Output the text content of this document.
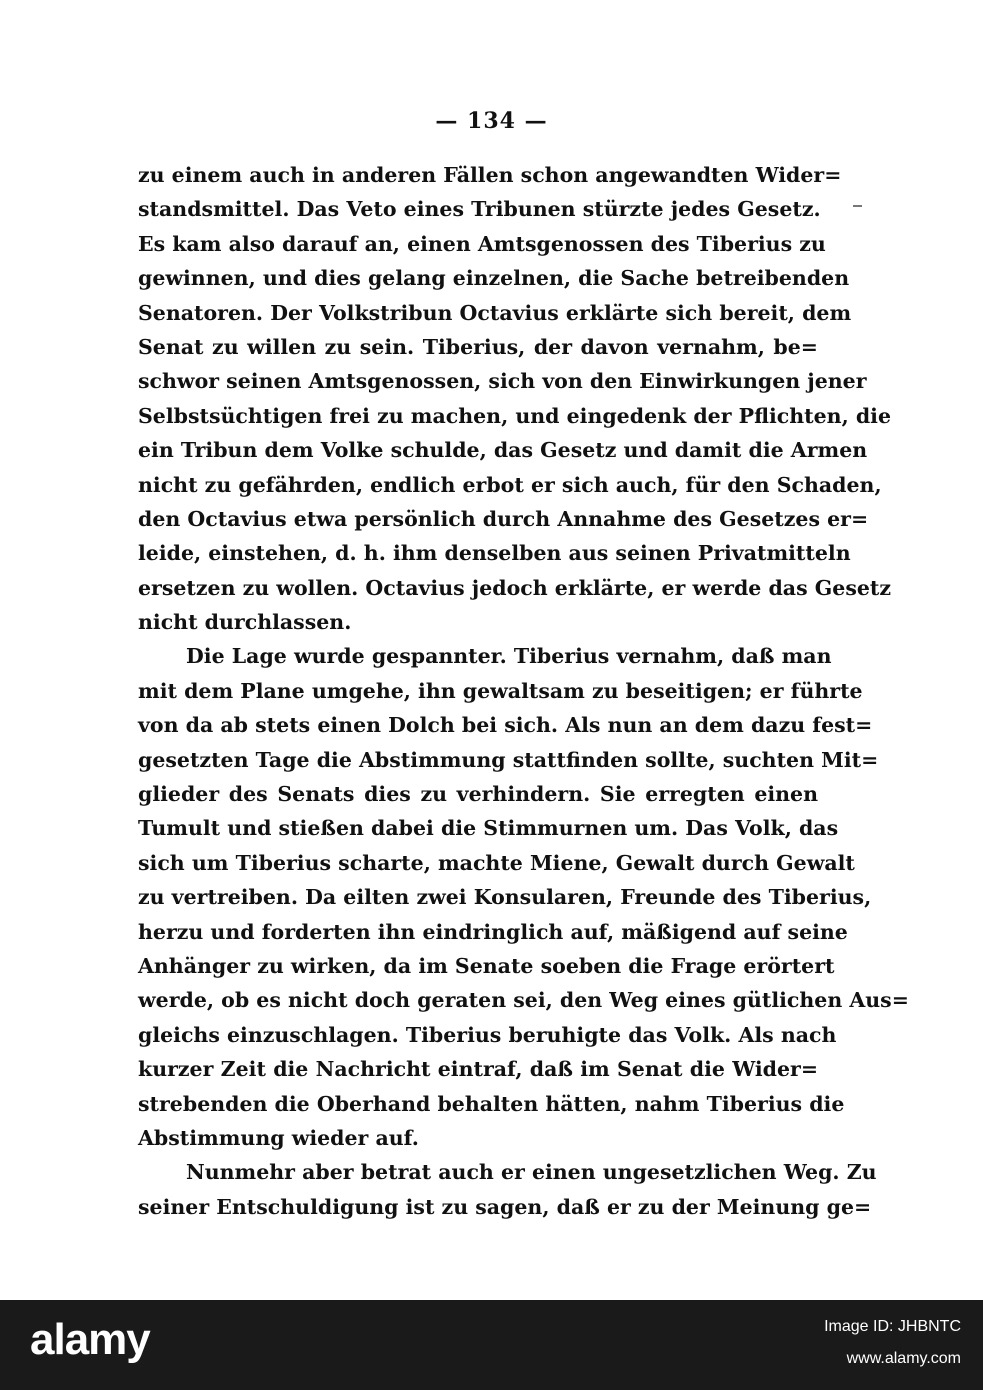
— 134 —
zu einem auch in anderen Fällen schon angewandten Wider=
standsmittel. Das Veto eines Tribunen stürzte jedes Gesetz.
Es kam also darauf an, einen Amtsgenossen des Tiberius zu
gewinnen, und dies gelang einzelnen, die Sache betreibenden
Senatoren. Der Volkstribun Octavius erklärte sich bereit, dem
Senat zu willen zu sein. Tiberius, der davon vernahm, be=
schwor seinen Amtsgenossen, sich von den Einwirkungen jener
Selbstsüchtigen frei zu machen, und eingedenk der Pflichten, die
ein Tribun dem Volke schulde, das Gesetz und damit die Armen
nicht zu gefährden, endlich erbot er sich auch, für den Schaden,
den Octavius etwa persönlich durch Annahme des Gesetzes er=
leide, einstehen, d. h. ihm denselben aus seinen Privatmitteln
ersetzen zu wollen. Octavius jedoch erklärte, er werde das Gesetz
nicht durchlassen.
Die Lage wurde gespannter. Tiberius vernahm, daß man
mit dem Plane umgehe, ihn gewaltsam zu beseitigen; er führte
von da ab stets einen Dolch bei sich. Als nun an dem dazu fest=
gesetzten Tage die Abstimmung stattfinden sollte, suchten Mit=
glieder des Senats dies zu verhindern. Sie erregten einen
Tumult und stießen dabei die Stimmurnen um. Das Volk, das
sich um Tiberius scharte, machte Miene, Gewalt durch Gewalt
zu vertreiben. Da eilten zwei Konsularen, Freunde des Tiberius,
herzu und forderten ihn eindringlich auf, mäßigend auf seine
Anhänger zu wirken, da im Senate soeben die Frage erörtert
werde, ob es nicht doch geraten sei, den Weg eines gütlichen Aus=
gleichs einzuschlagen. Tiberius beruhigte das Volk. Als nach
kurzer Zeit die Nachricht eintraf, daß im Senat die Wider=
strebenden die Oberhand behalten hätten, nahm Tiberius die
Abstimmung wieder auf.
Nunmehr aber betrat auch er einen ungesetzlichen Weg. Zu
seiner Entschuldigung ist zu sagen, daß er zu der Meinung ge=
alamy	Image ID: JHBNTC
www.alamy.com
